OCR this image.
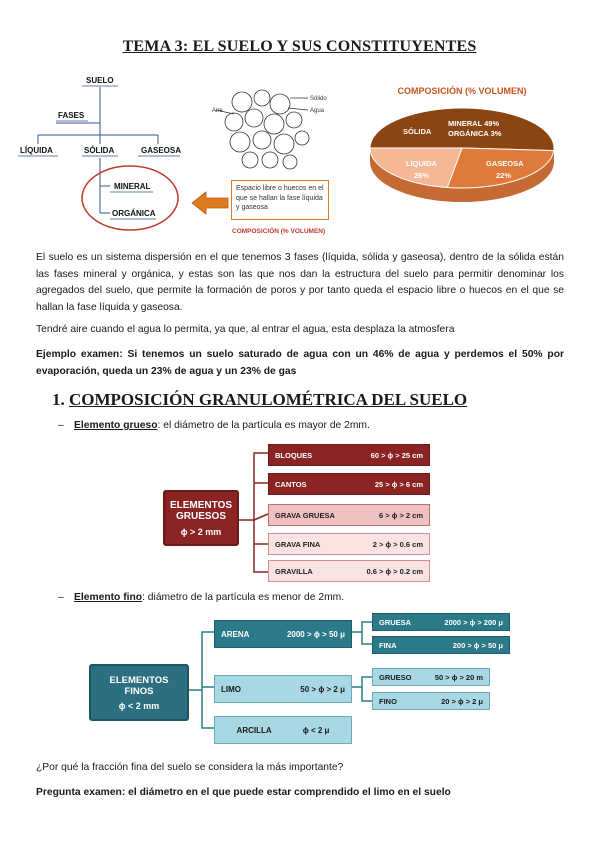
TEMA 3: EL SUELO Y SUS CONSTITUYENTES
SUELO
FASES
LÍQUIDA	SÓLIDA	GASEOSA
MINERAL
ORGÁNICA
Aire
Sólido
Agua
Espacio libre o huecos en el que se hallan la fase líquida y gaseosa
COMPOSICIÓN (% VOLUMEN)
COMPOSICIÓN (% VOLUMEN)
SÓLIDA
MINERAL 49%
ORGÁNICA 3%
LÍQUIDA
26%
GASEOSA
22%
El suelo es un sistema dispersión en el que tenemos 3 fases (líquida, sólida y gaseosa), dentro de la sólida están las fases mineral y orgánica, y estas son las que nos dan la estructura del suelo para permitir denominar los agregados del suelo, que permite la formación de poros y por tanto queda el espacio libre o huecos en el que se hallan la fase líquida y gaseosa.
Tendré aire cuando el agua lo permita, ya que, al entrar el agua, esta desplaza la atmosfera
Ejemplo examen: Si tenemos un suelo saturado de agua con un 46% de agua y perdemos el 50% por evaporación, queda un 23% de agua y un 23% de gas
1. COMPOSICIÓN GRANULOMÉTRICA DEL SUELO
– Elemento grueso: el diámetro de la partícula es mayor de 2mm.
ELEMENTOS
GRUESOS
ϕ > 2 mm
BLOQUES	60 > ϕ > 25 cm
CANTOS	25 > ϕ > 6 cm
GRAVA GRUESA	6 > ϕ > 2 cm
GRAVA FINA	2 > ϕ > 0.6 cm
GRAVILLA	0.6 > ϕ > 0.2 cm
– Elemento fino: diámetro de la partícula es menor de 2mm.
ELEMENTOS
FINOS
ϕ < 2 mm
ARENA	2000 > ϕ > 50 μ
LIMO	50 > ϕ > 2 μ
ARCILLA	ϕ < 2 μ
GRUESA	2000 > ϕ > 200 μ
FINA	200 > ϕ > 50 μ
GRUESO	50 > ϕ > 20 m
FINO	20 > ϕ > 2 μ
¿Por qué la fracción fina del suelo se considera la más importante?
Pregunta examen: el diámetro en el que puede estar comprendido el limo en el suelo
